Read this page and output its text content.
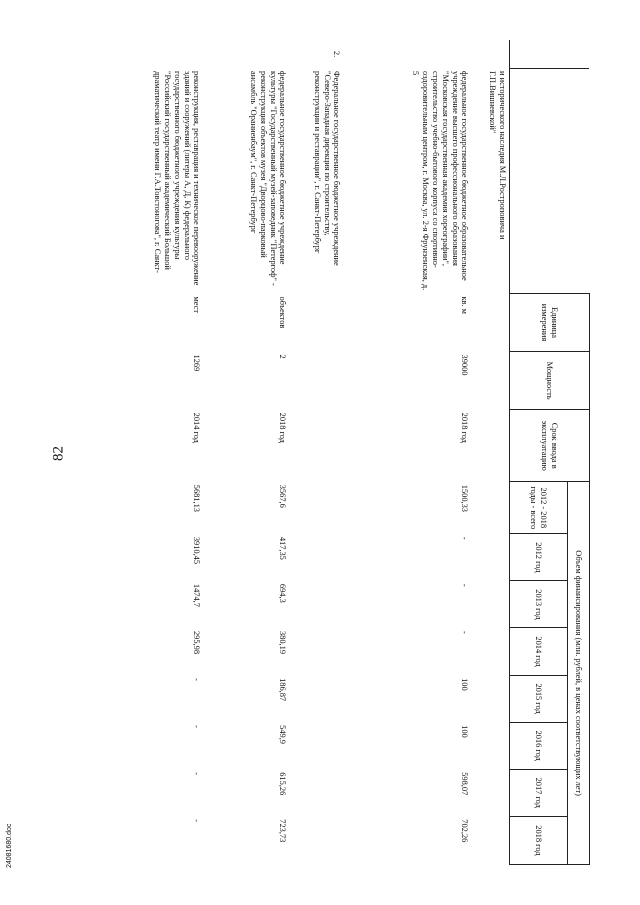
82
		Единица измерения	Мощность	Срок ввода в эксплуатацию	Объем финансирования (млн. рублей, в ценах соответствующих лет)							
					2012 - 2018 годы - всего	2012 год	2013 год	2014 год	2015 год	2016 год	2017 год	2018 год
	и исторического наследия М.Л.Ростроповича и Г.П.Вишневской"											
	федеральное государственное бюджетное образовательное учреждение высшего профессионального образования "Московская государственная академия хореографии", строительство учебно-бытового корпуса со спортивно-оздоровительным центром, г. Москва, ул. 2-я Фрунзенская, д. 5	кв. м	39000	2018 год	1500,33	-	-	-	100	100	598,07	702,26
2.	Федеральное государственное бюджетное учреждение "Северо-Западная дирекция по строительству, реконструкции и реставрации", г. Санкт-Петербург											
	федеральное государственное бюджетное учреждение культуры "Государственный музей-заповедник "Петергоф" - реконструкция объектов музея "Дворцово-парковый ансамбль "Ораниенбаум", г. Санкт-Петербург	объектов	2	2018 год	3567,6	417,35	694,3	380,19	186,87	549,9	615,26	723,73
	реконструкция, реставрация и техническое перевооружение зданий и сооружений (литеры А, Д, К) федерального государственного бюджетного учреждения культуры "Российский государственный академический Большой драматический театр имени Г.А.Товстоногова", г. Санкт-	мест	1269	2014 год	5681,13	3910,45	1474,7	295,98	-	-	-	-
24081680.doc
